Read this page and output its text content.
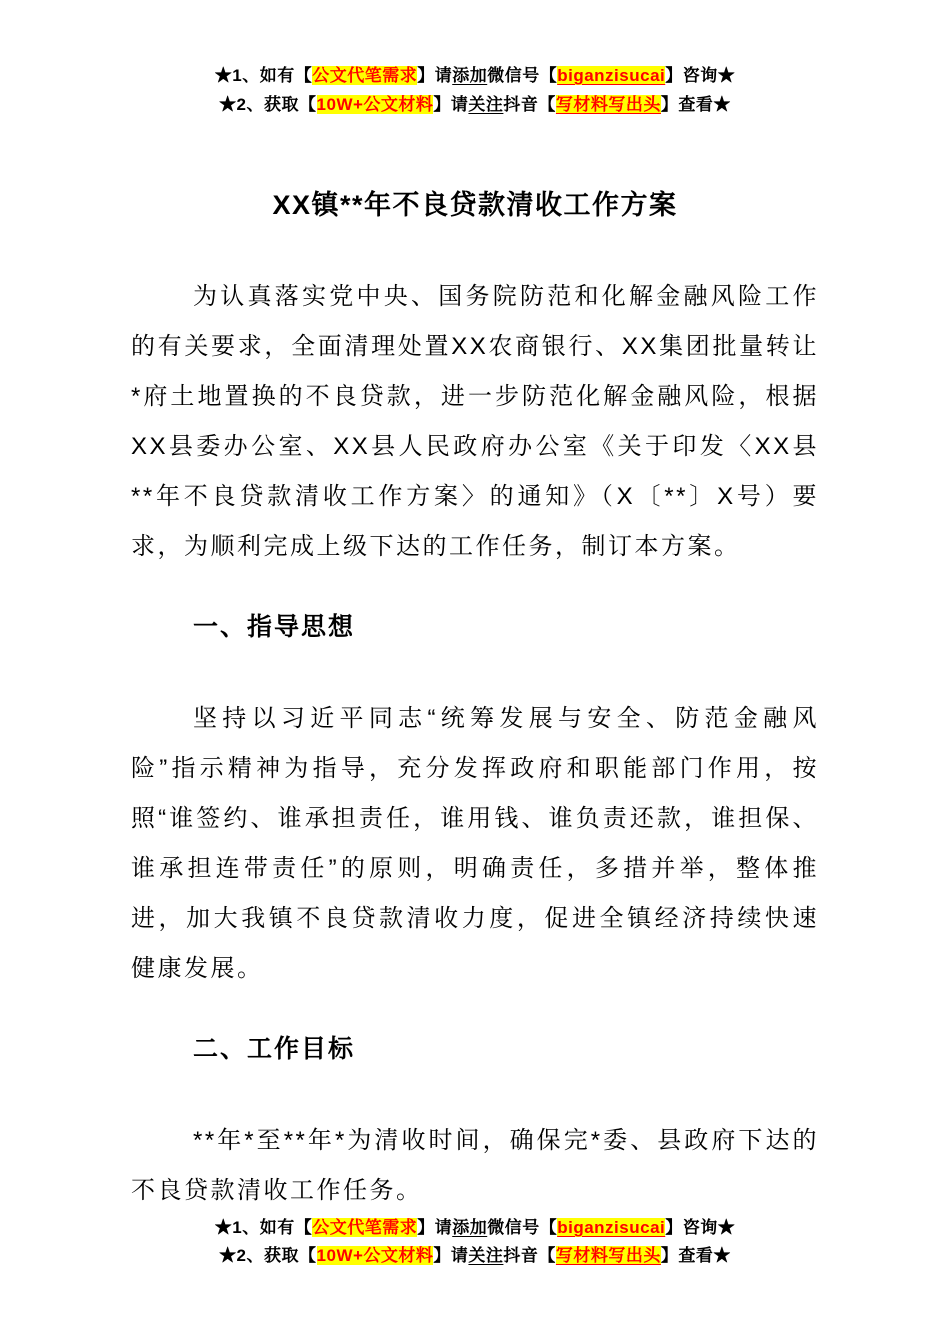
★1、如有【公文代笔需求】请添加微信号【biganzisucai】咨询★
★2、获取【10W+公文材料】请关注抖音【写材料写出头】查看★
XX镇**年不良贷款清收工作方案

为认真落实党中央、国务院防范和化解金融风险工作的有关要求，全面清理处置XX农商银行、XX集团批量转让*府土地置换的不良贷款，进一步防范化解金融风险，根据XX县委办公室、XX县人民政府办公室《关于印发〈XX县**年不良贷款清收工作方案〉的通知》（X〔**〕X号）要求，为顺利完成上级下达的工作任务，制订本方案。

一、指导思想

坚持以习近平同志“统筹发展与安全、防范金融风险”指示精神为指导，充分发挥政府和职能部门作用，按照“谁签约、谁承担责任，谁用钱、谁负责还款，谁担保、谁承担连带责任”的原则，明确责任，多措并举，整体推进，加大我镇不良贷款清收力度，促进全镇经济持续快速健康发展。

二、工作目标

**年*至**年*为清收时间，确保完*委、县政府下达的不良贷款清收工作任务。

★1、如有【公文代笔需求】请添加微信号【biganzisucai】咨询★
★2、获取【10W+公文材料】请关注抖音【写材料写出头】查看★
